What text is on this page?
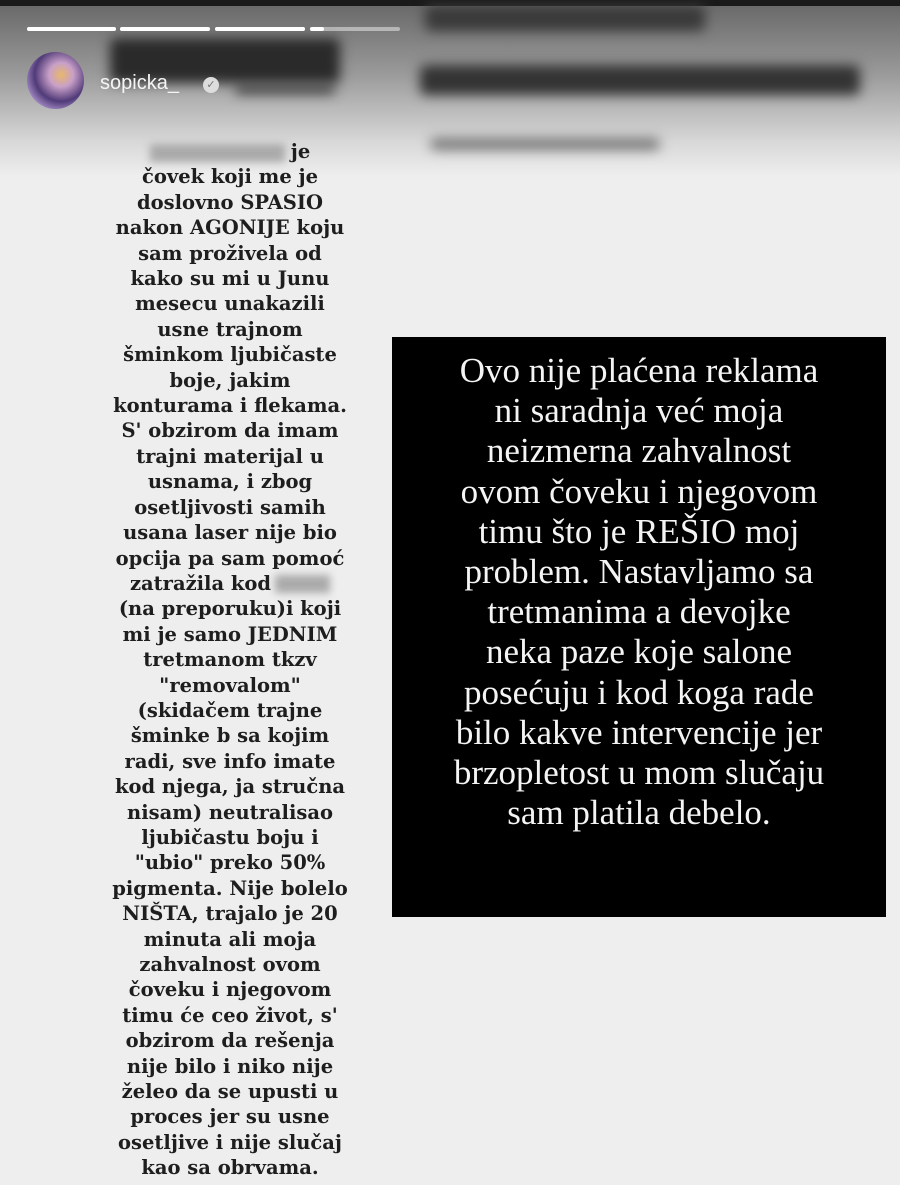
sopicka_	✓
je
čovek koji me je
doslovno SPASIO
nakon AGONIJE koju
sam proživela od
kako su mi u Junu
mesecu unakazili
usne trajnom
šminkom ljubičaste
boje, jakim
konturama i flekama.
S' obzirom da imam
trajni materijal u
usnama, i zbog
osetljivosti samih
usana laser nije bio
opcija pa sam pomoć
zatražila kod
(na preporuku)i koji
mi je samo JEDNIM
tretmanom tkzv
"removalom"
(skidačem trajne
šminke b sa kojim
radi, sve info imate
kod njega, ja stručna
nisam) neutralisao
ljubičastu boju i
"ubio" preko 50%
pigmenta. Nije bolelo
NIŠTA, trajalo je 20
minuta ali moja
zahvalnost ovom
čoveku i njegovom
timu će ceo život, s'
obzirom da rešenja
nije bilo i niko nije
želeo da se upusti u
proces jer su usne
osetljive i nije slučaj
kao sa obrvama.
Ovo nije plaćena reklama
ni saradnja već moja
neizmerna zahvalnost
ovom čoveku i njegovom
timu što je REŠIO moj
problem. Nastavljamo sa
tretmanima a devojke
neka paze koje salone
posećuju i kod koga rade
bilo kakve intervencije jer
brzopletost u mom slučaju
sam platila debelo.
